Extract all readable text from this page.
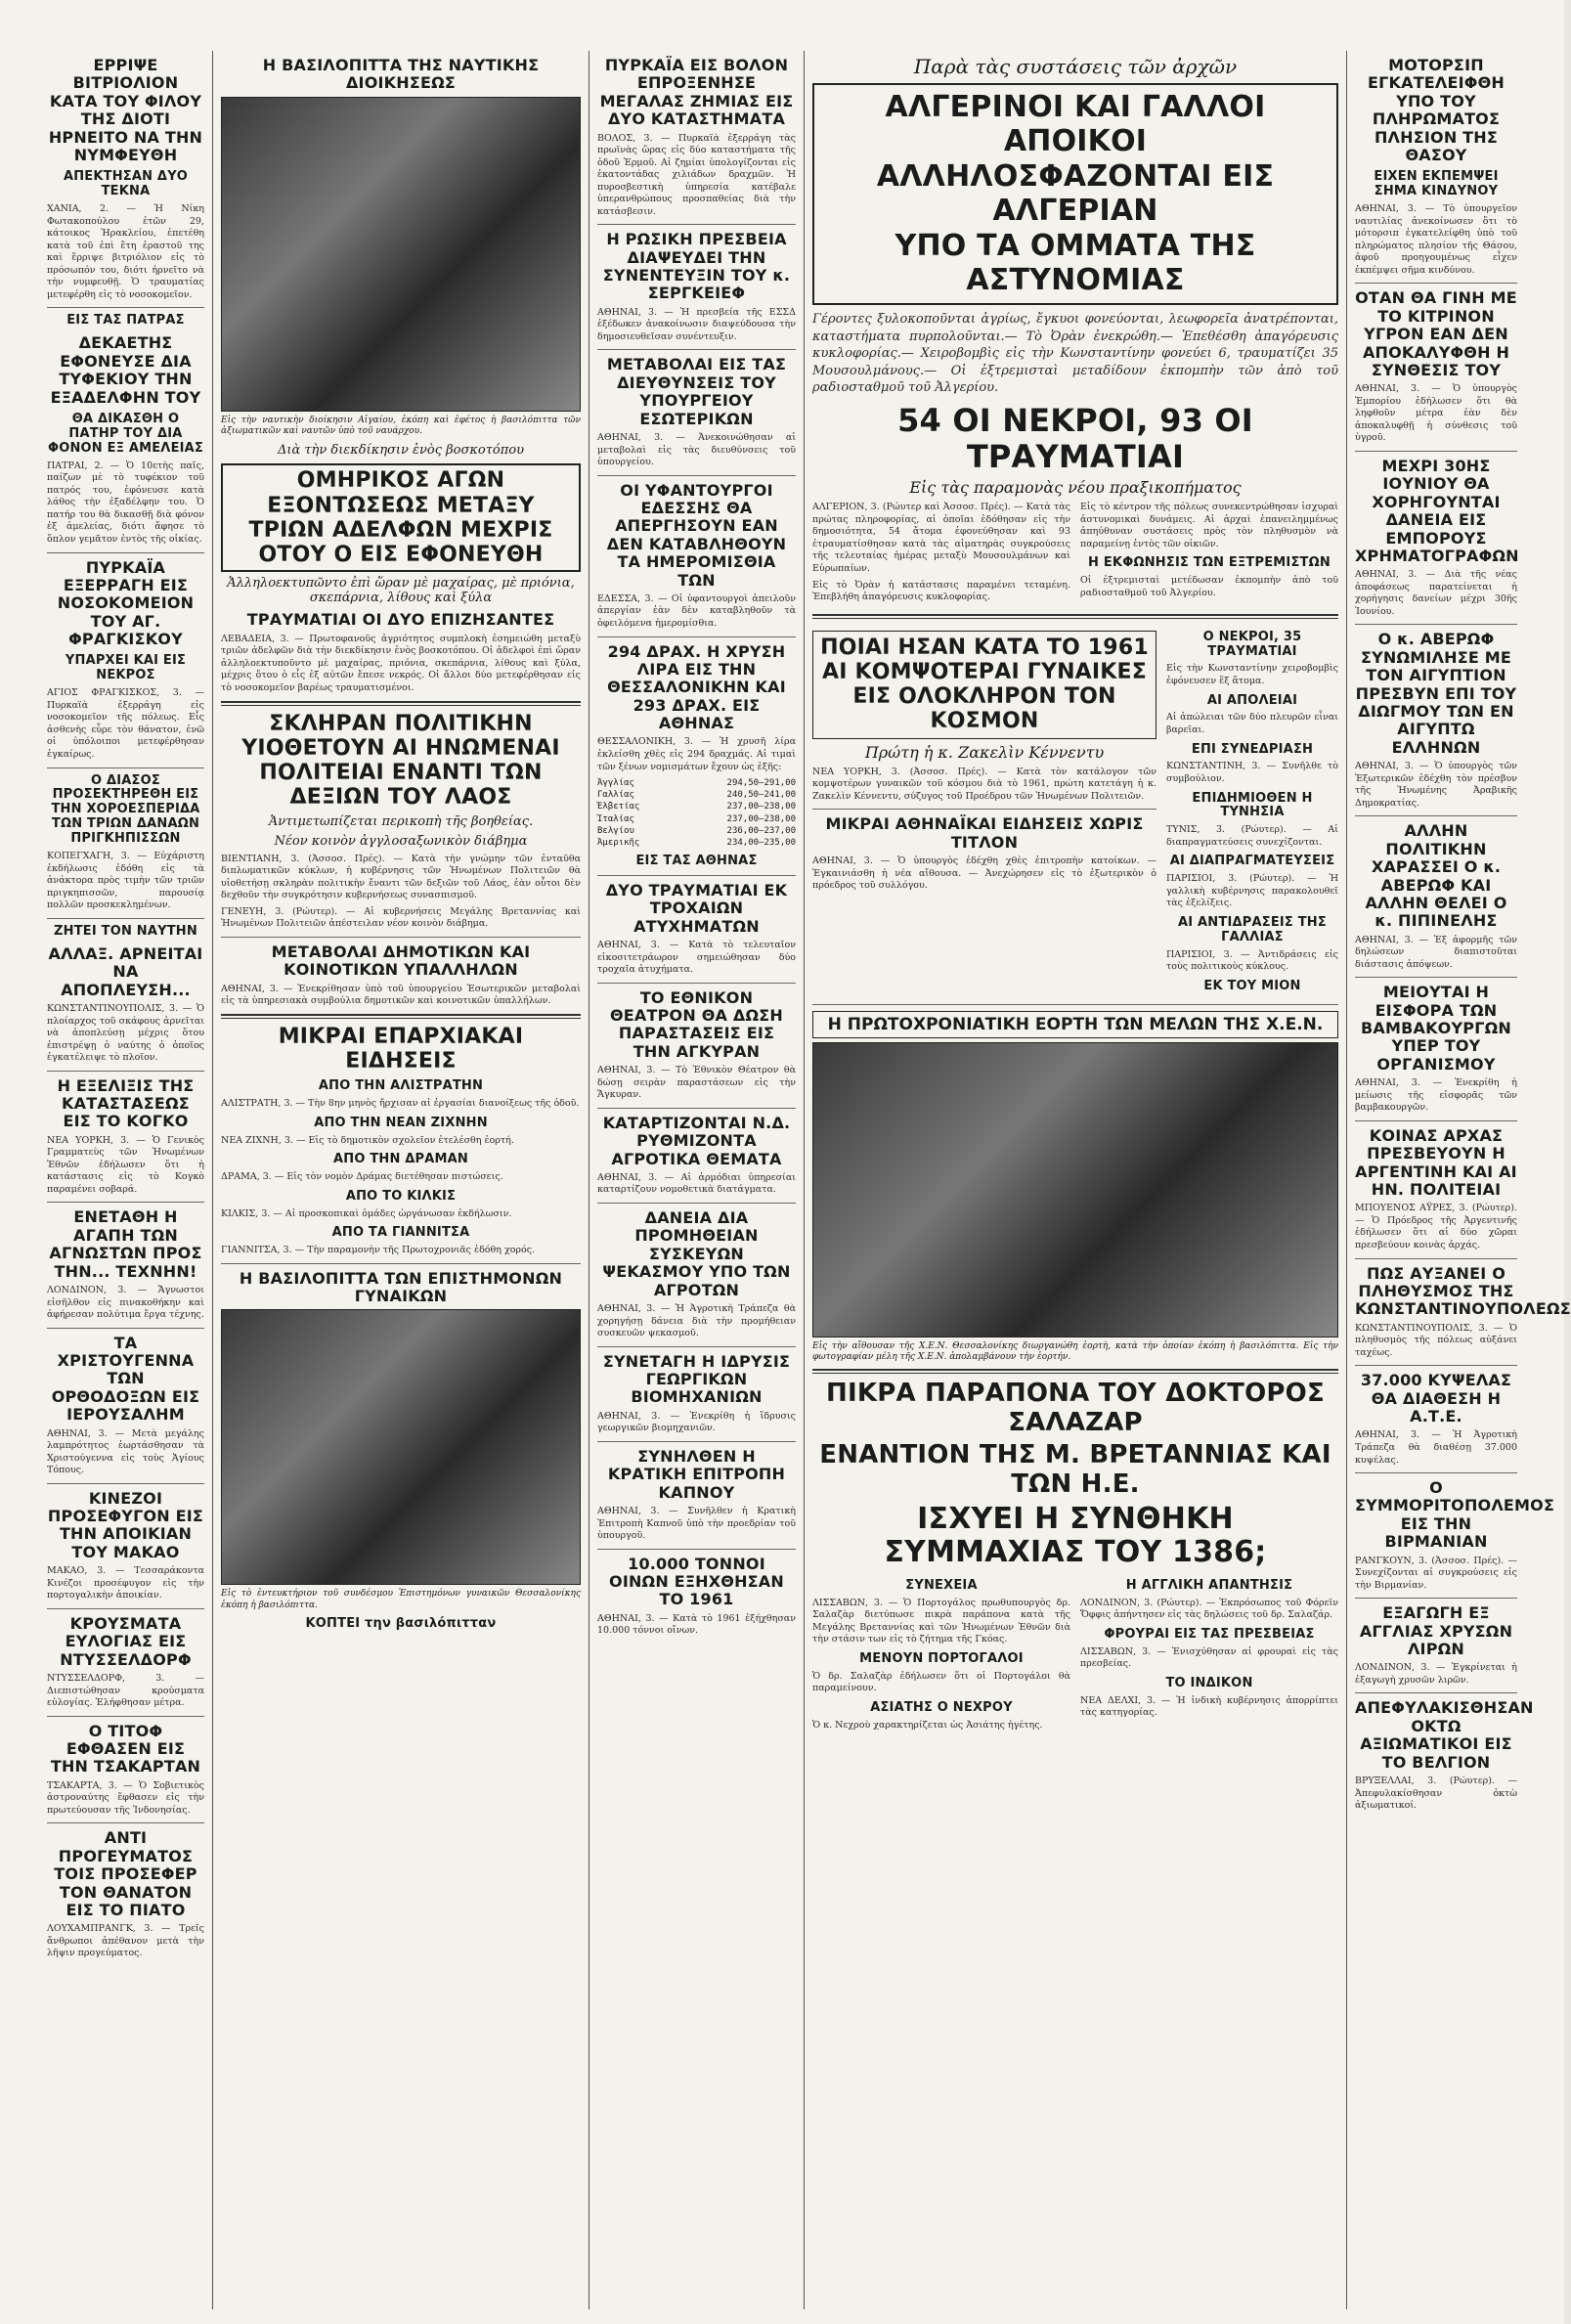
ΕΡΡΙΨΕ ΒΙΤΡΙΟΛΙΟΝ ΚΑΤΑ ΤΟΥ ΦΙΛΟΥ ΤΗΣ ΔΙΟΤΙ ΗΡΝΕΙΤΟ ΝΑ ΤΗΝ ΝΥΜΦΕΥΘΗ
ΑΠΕΚΤΗΣΑΝ ΔΥΟ ΤΕΚΝΑ

ΧΑΝΙΑ, 2. — Ἡ Νίκη Φωτακοπούλου ἐτῶν 29, κάτοικος Ἠρακλείου, ἐπετέθη κατὰ τοῦ ἐπὶ ἔτη ἐραστοῦ της καὶ ἔρριψε βιτριόλιον εἰς τὸ πρόσωπόν του, διότι ἠρνεῖτο νὰ τὴν νυμφευθῇ. Ὁ τραυματίας μετεφέρθη εἰς τὸ νοσοκομεῖον.

ΕΙΣ ΤΑΣ ΠΑΤΡΑΣ
ΔΕΚΑΕΤΗΣ ΕΦΟΝΕΥΣΕ ΔΙΑ ΤΥΦΕΚΙΟΥ ΤΗΝ ΕΞΑΔΕΛΦΗΝ ΤΟΥ
ΘΑ ΔΙΚΑΣΘΗ Ο ΠΑΤΗΡ ΤΟΥ ΔΙΑ ΦΟΝΟΝ ΕΞ ΑΜΕΛΕΙΑΣ

ΠΑΤΡΑΙ, 2. — Ὁ 10ετὴς παῖς, παίζων μὲ τὸ τυφέκιον τοῦ πατρός του, ἐφόνευσε κατὰ λάθος τὴν ἐξαδέλφην του. Ὁ πατήρ του θὰ δικασθῇ διὰ φόνον ἐξ ἀμελείας, διότι ἄφησε τὸ ὅπλον γεμᾶτον ἐντὸς τῆς οἰκίας.

ΠΥΡΚΑΪΑ ΕΞΕΡΡΑΓΗ ΕΙΣ ΝΟΣΟΚΟΜΕΙΟΝ ΤΟΥ ΑΓ. ΦΡΑΓΚΙΣΚΟΥ
ΥΠΑΡΧΕΙ ΚΑΙ ΕΙΣ ΝΕΚΡΟΣ

ΑΓΙΟΣ ΦΡΑΓΚΙΣΚΟΣ, 3. — Πυρκαϊὰ ἐξερράγη εἰς νοσοκομεῖον τῆς πόλεως. Εἷς ἀσθενὴς εὗρε τὸν θάνατον, ἐνῶ οἱ ὑπόλοιποι μετεφέρθησαν ἐγκαίρως.

Ο ΔΙΑΣΟΣ ΠΡΟΣΕΚΤΗΡΕΘΗ ΕΙΣ ΤΗΝ ΧΟΡΟΕΣΠΕΡΙΔΑ ΤΩΝ ΤΡΙΩΝ ΔΑΝΑΩΝ ΠΡΙΓΚΗΠΙΣΣΩΝ

ΚΟΠΕΓΧΑΓΗ, 3. — Εὐχάριστη ἐκδήλωσις ἐδόθη εἰς τὰ ἀνάκτορα πρὸς τιμὴν τῶν τριῶν πριγκηπισσῶν, παρουσίᾳ πολλῶν προσκεκλημένων.

ΖΗΤΕΙ ΤΟΝ ΝΑΥΤΗΝ
ΑΛΛΑΞ. ΑΡΝΕΙΤΑΙ ΝΑ ΑΠΟΠΛΕΥΣΗ...

ΚΩΝΣΤΑΝΤΙΝΟΥΠΟΛΙΣ, 3. — Ὁ πλοίαρχος τοῦ σκάφους ἀρνεῖται νὰ ἀποπλεύσῃ μέχρις ὅτου ἐπιστρέψῃ ὁ ναύτης ὁ ὁποῖος ἐγκατέλειψε τὸ πλοῖον.

Η ΕΞΕΛΙΞΙΣ ΤΗΣ ΚΑΤΑΣΤΑΣΕΩΣ ΕΙΣ ΤΟ ΚΟΓΚΟ

ΝΕΑ ΥΟΡΚΗ, 3. — Ὁ Γενικὸς Γραμματεὺς τῶν Ἡνωμένων Ἐθνῶν ἐδήλωσεν ὅτι ἡ κατάστασις εἰς τὸ Κογκὸ παραμένει σοβαρά.

ΕΝΕΤΑΘΗ Η ΑΓΑΠΗ ΤΩΝ ΑΓΝΩΣΤΩΝ ΠΡΟΣ ΤΗΝ... ΤΕΧΝΗΝ!

ΛΟΝΔΙΝΟΝ, 3. — Ἄγνωστοι εἰσῆλθον εἰς πινακοθήκην καὶ ἀφήρεσαν πολύτιμα ἔργα τέχνης.

ΤΑ ΧΡΙΣΤΟΥΓΕΝΝΑ ΤΩΝ ΟΡΘΟΔΟΞΩΝ ΕΙΣ ΙΕΡΟΥΣΑΛΗΜ

ΑΘΗΝΑΙ, 3. — Μετὰ μεγάλης λαμπρότητος ἑωρτάσθησαν τὰ Χριστούγεννα εἰς τοὺς Ἁγίους Τόπους.

ΚΙΝΕΖΟΙ ΠΡΟΣΕΦΥΓΟΝ ΕΙΣ ΤΗΝ ΑΠΟΙΚΙΑΝ ΤΟΥ ΜΑΚΑΟ

ΜΑΚΑΟ, 3. — Τεσσαράκοντα Κινέζοι προσέφυγον εἰς τὴν πορτογαλικὴν ἀποικίαν.

ΚΡΟΥΣΜΑΤΑ ΕΥΛΟΓΙΑΣ ΕΙΣ ΝΤΥΣΣΕΛΔΟΡΦ

ΝΤΥΣΣΕΛΔΟΡΦ, 3. — Διεπιστώθησαν κρούσματα εὐλογίας. Ἐλήφθησαν μέτρα.

Ο ΤΙΤΟΦ ΕΦΘΑΣΕΝ ΕΙΣ ΤΗΝ ΤΣΑΚΑΡΤΑΝ

ΤΣΑΚΑΡΤΑ, 3. — Ὁ Σοβιετικὸς ἀστροναύτης ἔφθασεν εἰς τὴν πρωτεύουσαν τῆς Ἰνδονησίας.

ΑΝΤΙ ΠΡΟΓΕΥΜΑΤΟΣ ΤΟΙΣ ΠΡΟΣΕΦΕΡ ΤΟΝ ΘΑΝΑΤΟΝ ΕΙΣ ΤΟ ΠΙΑΤΟ

ΛΟΥΧΑΜΠΡΑΝΓΚ, 3. — Τρεῖς ἄνθρωποι ἀπέθανον μετὰ τὴν λῆψιν προγεύματος.

Η ΒΑΣΙΛΟΠΙΤΤΑ ΤΗΣ ΝΑΥΤΙΚΗΣ ΔΙΟΙΚΗΣΕΩΣ
Εἰς τὴν ναυτικὴν διοίκησιν Αἰγαίου, ἐκόπη καὶ ἐφέτος ἡ βασιλόπιττα τῶν ἀξιωματικῶν καὶ ναυτῶν ὑπὸ τοῦ ναυάρχου.
Διὰ τὴν διεκδίκησιν ἑνὸς βοσκοτόπου
ΟΜΗΡΙΚΟΣ ΑΓΩΝ ΕΞΟΝΤΩΣΕΩΣ ΜΕΤΑΞΥ ΤΡΙΩΝ ΑΔΕΛΦΩΝ ΜΕΧΡΙΣ ΟΤΟΥ Ο ΕΙΣ ΕΦΟΝΕΥΘΗ
Ἀλληλοεκτυπῶντο ἐπὶ ὥραν μὲ μαχαίρας, μὲ πριόνια, σκεπάρνια, λίθους καὶ ξύλα
ΤΡΑΥΜΑΤΙΑΙ ΟΙ ΔΥΟ ΕΠΙΖΗΣΑΝΤΕΣ

ΛΕΒΑΔΕΙΑ, 3. — Πρωτοφανοῦς ἀγριότητος συμπλοκὴ ἐσημειώθη μεταξὺ τριῶν ἀδελφῶν διὰ τὴν διεκδίκησιν ἑνὸς βοσκοτόπου. Οἱ ἀδελφοὶ ἐπὶ ὥραν ἀλληλοεκτυποῦντο μὲ μαχαίρας, πριόνια, σκεπάρνια, λίθους καὶ ξύλα, μέχρις ὅτου ὁ εἷς ἐξ αὐτῶν ἔπεσε νεκρός. Οἱ ἄλλοι δύο μετεφέρθησαν εἰς τὸ νοσοκομεῖον βαρέως τραυματισμένοι.

ΣΚΛΗΡΑΝ ΠΟΛΙΤΙΚΗΝ ΥΙΟΘΕΤΟΥΝ ΑΙ ΗΝΩΜΕΝΑΙ ΠΟΛΙΤΕΙΑΙ ΕΝΑΝΤΙ ΤΩΝ ΔΕΞΙΩΝ ΤΟΥ ΛΑΟΣ
Ἀντιμετωπίζεται περικοπὴ τῆς βοηθείας.
Νέον κοινὸν ἀγγλοσαξωνικὸν διάβημα

ΒΙΕΝΤΙΑΝΗ, 3. (Ἀσσοσ. Πρές). — Κατὰ τὴν γνώμην τῶν ἐνταῦθα διπλωματικῶν κύκλων, ἡ κυβέρνησις τῶν Ἡνωμένων Πολιτειῶν θὰ υἱοθετήσῃ σκληρὰν πολιτικὴν ἔναντι τῶν δεξιῶν τοῦ Λάος, ἐὰν οὗτοι δὲν δεχθοῦν τὴν συγκρότησιν κυβερνήσεως συνασπισμοῦ.

ΓΕΝΕΥΗ, 3. (Ρώυτερ). — Αἱ κυβερνήσεις Μεγάλης Βρεταννίας καὶ Ἡνωμένων Πολιτειῶν ἀπέστειλαν νέον κοινὸν διάβημα.

ΜΕΤΑΒΟΛΑΙ ΔΗΜΟΤΙΚΩΝ ΚΑΙ ΚΟΙΝΟΤΙΚΩΝ ΥΠΑΛΛΗΛΩΝ

ΑΘΗΝΑΙ, 3. — Ἐνεκρίθησαν ὑπὸ τοῦ ὑπουργείου Ἐσωτερικῶν μεταβολαὶ εἰς τὰ ὑπηρεσιακὰ συμβούλια δημοτικῶν καὶ κοινοτικῶν ὑπαλλήλων.

ΜΙΚΡΑΙ ΕΠΑΡΧΙΑΚΑΙ ΕΙΔΗΣΕΙΣ
ΑΠΟ ΤΗΝ ΑΛΙΣΤΡΑΤΗΝ

ΑΛΙΣΤΡΑΤΗ, 3. — Τὴν 8ην μηνὸς ἤρχισαν αἱ ἐργασίαι διανοίξεως τῆς ὁδοῦ.

ΑΠΟ ΤΗΝ ΝΕΑΝ ΖΙΧΝΗΝ

ΝΕΑ ΖΙΧΝΗ, 3. — Εἰς τὸ δημοτικὸν σχολεῖον ἐτελέσθη ἑορτή.

ΑΠΟ ΤΗΝ ΔΡΑΜΑΝ

ΔΡΑΜΑ, 3. — Εἰς τὸν νομὸν Δράμας διετέθησαν πιστώσεις.

ΑΠΟ ΤΟ ΚΙΛΚΙΣ

ΚΙΛΚΙΣ, 3. — Αἱ προσκοπικαὶ ὁμάδες ὠργάνωσαν ἐκδήλωσιν.

ΑΠΟ ΤΑ ΓΙΑΝΝΙΤΣΑ

ΓΙΑΝΝΙΤΣΑ, 3. — Τὴν παραμονὴν τῆς Πρωτοχρονιᾶς ἐδόθη χορός.

Η ΒΑΣΙΛΟΠΙΤΤΑ ΤΩΝ ΕΠΙΣΤΗΜΟΝΩΝ ΓΥΝΑΙΚΩΝ
Εἰς τὸ ἐντευκτήριον τοῦ συνδέσμου Ἐπιστημόνων γυναικῶν Θεσσαλονίκης ἐκόπη ἡ βασιλόπιττα.
ΚΟΠΤΕΙ την βασιλόπιτταν
ΠΥΡΚΑΪΑ ΕΙΣ ΒΟΛΟΝ ΕΠΡΟΞΕΝΗΣΕ ΜΕΓΑΛΑΣ ΖΗΜΙΑΣ ΕΙΣ ΔΥΟ ΚΑΤΑΣΤΗΜΑΤΑ

ΒΟΛΟΣ, 3. — Πυρκαϊὰ ἐξερράγη τὰς πρωϊνὰς ὥρας εἰς δύο καταστήματα τῆς ὁδοῦ Ἑρμοῦ. Αἱ ζημίαι ὑπολογίζονται εἰς ἑκατοντάδας χιλιάδων δραχμῶν. Ἡ πυροσβεστικὴ ὑπηρεσία κατέβαλε ὑπερανθρώπους προσπαθείας διὰ τὴν κατάσβεσιν.

Η ΡΩΣΙΚΗ ΠΡΕΣΒΕΙΑ ΔΙΑΨΕΥΔΕΙ ΤΗΝ ΣΥΝΕΝΤΕΥΞΙΝ ΤΟΥ κ. ΣΕΡΓΚΕΙΕΦ

ΑΘΗΝΑΙ, 3. — Ἡ πρεσβεία τῆς ΕΣΣΔ ἐξέδωκεν ἀνακοίνωσιν διαψεύδουσα τὴν δημοσιευθεῖσαν συνέντευξιν.

ΜΕΤΑΒΟΛΑΙ ΕΙΣ ΤΑΣ ΔΙΕΥΘΥΝΣΕΙΣ ΤΟΥ ΥΠΟΥΡΓΕΙΟΥ ΕΣΩΤΕΡΙΚΩΝ

ΑΘΗΝΑΙ, 3. — Ἀνεκοινώθησαν αἱ μεταβολαὶ εἰς τὰς διευθύνσεις τοῦ ὑπουργείου.

ΟΙ ΥΦΑΝΤΟΥΡΓΟΙ ΕΔΕΣΣΗΣ ΘΑ ΑΠΕΡΓΗΣΟΥΝ ΕΑΝ ΔΕΝ ΚΑΤΑΒΛΗΘΟΥΝ ΤΑ ΗΜΕΡΟΜΙΣΘΙΑ ΤΩΝ

ΕΔΕΣΣΑ, 3. — Οἱ ὑφαντουργοὶ ἀπειλοῦν ἀπεργίαν ἐὰν δὲν καταβληθοῦν τὰ ὀφειλόμενα ἡμερομίσθια.

294 ΔΡΑΧ. Η ΧΡΥΣΗ ΛΙΡΑ ΕΙΣ ΤΗΝ ΘΕΣΣΑΛΟΝΙΚΗΝ ΚΑΙ 293 ΔΡΑΧ. ΕΙΣ ΑΘΗΝΑΣ

ΘΕΣΣΑΛΟΝΙΚΗ, 3. — Ἡ χρυσῆ λίρα ἐκλείσθη χθὲς εἰς 294 δραχμάς. Αἱ τιμαὶ τῶν ξένων νομισμάτων ἔχουν ὡς ἑξῆς:

Ἀγγλίας	294,50—291,00
Γαλλίας	240,50—241,00
Ἑλβετίας	237,00—238,00
Ἰταλίας	237,00—238,00
Βελγίου	236,00—237,00
Ἀμερικῆς	234,00—235,00
ΕΙΣ ΤΑΣ ΑΘΗΝΑΣ
ΔΥΟ ΤΡΑΥΜΑΤΙΑΙ ΕΚ ΤΡΟΧΑΙΩΝ ΑΤΥΧΗΜΑΤΩΝ

ΑΘΗΝΑΙ, 3. — Κατὰ τὸ τελευταῖον εἰκοσιτετράωρον σημειώθησαν δύο τροχαῖα ἀτυχήματα.

ΤΟ ΕΘΝΙΚΟΝ ΘΕΑΤΡΟΝ ΘΑ ΔΩΣΗ ΠΑΡΑΣΤΑΣΕΙΣ ΕΙΣ ΤΗΝ ΑΓΚΥΡΑΝ

ΑΘΗΝΑΙ, 3. — Τὸ Ἐθνικὸν Θέατρον θὰ δώσῃ σειρὰν παραστάσεων εἰς τὴν Ἄγκυραν.

ΚΑΤΑΡΤΙΖΟΝΤΑΙ Ν.Δ. ΡΥΘΜΙΖΟΝΤΑ ΑΓΡΟΤΙΚΑ ΘΕΜΑΤΑ

ΑΘΗΝΑΙ, 3. — Αἱ ἁρμόδιαι ὑπηρεσίαι καταρτίζουν νομοθετικὰ διατάγματα.

ΔΑΝΕΙΑ ΔΙΑ ΠΡΟΜΗΘΕΙΑΝ ΣΥΣΚΕΥΩΝ ΨΕΚΑΣΜΟΥ ΥΠΟ ΤΩΝ ΑΓΡΟΤΩΝ

ΑΘΗΝΑΙ, 3. — Ἡ Ἀγροτικὴ Τράπεζα θὰ χορηγήσῃ δάνεια διὰ τὴν προμήθειαν συσκευῶν ψεκασμοῦ.

ΣΥΝΕΤΑΓΗ Η ΙΔΡΥΣΙΣ ΓΕΩΡΓΙΚΩΝ ΒΙΟΜΗΧΑΝΙΩΝ

ΑΘΗΝΑΙ, 3. — Ἐνεκρίθη ἡ ἵδρυσις γεωργικῶν βιομηχανιῶν.

ΣΥΝΗΛΘΕΝ Η ΚΡΑΤΙΚΗ ΕΠΙΤΡΟΠΗ ΚΑΠΝΟΥ

ΑΘΗΝΑΙ, 3. — Συνῆλθεν ἡ Κρατικὴ Ἐπιτροπὴ Καπνοῦ ὑπὸ τὴν προεδρίαν τοῦ ὑπουργοῦ.

10.000 ΤΟΝΝΟΙ ΟΙΝΩΝ ΕΞΗΧΘΗΣΑΝ ΤΟ 1961

ΑΘΗΝΑΙ, 3. — Κατὰ τὸ 1961 ἐξήχθησαν 10.000 τόννοι οἴνων.

Παρὰ τὰς συστάσεις τῶν ἀρχῶν
ΑΛΓΕΡΙΝΟΙ ΚΑΙ ΓΑΛΛΟΙ ΑΠΟΙΚΟΙ
ΑΛΛΗΛΟΣΦΑΖΟΝΤΑΙ ΕΙΣ ΑΛΓΕΡΙΑΝ
ΥΠΟ ΤΑ ΟΜΜΑΤΑ ΤΗΣ ΑΣΤΥΝΟΜΙΑΣ

Γέροντες ξυλοκοποῦνται ἀγρίως, ἔγκυοι φονεύονται, λεωφορεῖα ἀνατρέπονται, καταστήματα πυρπολοῦνται.— Τὸ Ὀρὰν ἐνεκρώθη.— Ἐπεθέσθη ἀπαγόρευσις κυκλοφορίας.— Χειροβομβὶς εἰς τὴν Κωνσταντίνην φονεύει 6, τραυματίζει 35 Μουσουλμάνους.— Οἱ ἐξτρεμισταὶ μεταδίδουν ἐκπομπὴν τῶν ἀπὸ τοῦ ραδιοσταθμοῦ τοῦ Ἀλγερίου.

54 ΟΙ ΝΕΚΡΟΙ, 93 ΟΙ ΤΡΑΥΜΑΤΙΑΙ
Εἰς τὰς παραμονὰς νέου πραξικοπήματος

ΑΛΓΕΡΙΟΝ, 3. (Ρώυτερ καὶ Ἀσσοσ. Πρές). — Κατὰ τὰς πρώτας πληροφορίας, αἱ ὁποῖαι ἐδόθησαν εἰς τὴν δημοσιότητα, 54 ἄτομα ἐφονεύθησαν καὶ 93 ἐτραυματίσθησαν κατὰ τὰς αἱματηρὰς συγκρούσεις τῆς τελευταίας ἡμέρας μεταξὺ Μουσουλμάνων καὶ Εὐρωπαίων.

Εἰς τὸ Ὀρὰν ἡ κατάστασις παραμένει τεταμένη. Ἐπεβλήθη ἀπαγόρευσις κυκλοφορίας.

Εἰς τὸ κέντρον τῆς πόλεως συνεκεντρώθησαν ἰσχυραὶ ἀστυνομικαὶ δυνάμεις. Αἱ ἀρχαὶ ἐπανειλημμένως ἀπηύθυναν συστάσεις πρὸς τὸν πληθυσμὸν νὰ παραμείνῃ ἐντὸς τῶν οἰκιῶν.

Η ΕΚΦΩΝΗΣΙΣ ΤΩΝ ΕΞΤΡΕΜΙΣΤΩΝ

Οἱ ἐξτρεμισταὶ μετέδωσαν ἐκπομπὴν ἀπὸ τοῦ ραδιοσταθμοῦ τοῦ Ἀλγερίου.

ΠΟΙΑΙ ΗΣΑΝ ΚΑΤΑ ΤΟ 1961 ΑΙ ΚΟΜΨΟΤΕΡΑΙ ΓΥΝΑΙΚΕΣ ΕΙΣ ΟΛΟΚΛΗΡΟΝ ΤΟΝ ΚΟΣΜΟΝ
Πρώτη ἡ κ. Ζακελὶν Κέννεντυ

ΝΕΑ ΥΟΡΚΗ, 3. (Ἀσσοσ. Πρές). — Κατὰ τὸν κατάλογον τῶν κομψοτέρων γυναικῶν τοῦ κόσμου διὰ τὸ 1961, πρώτη κατετάγη ἡ κ. Ζακελὶν Κέννεντυ, σύζυγος τοῦ Προέδρου τῶν Ἡνωμένων Πολιτειῶν.

ΜΙΚΡΑΙ ΑΘΗΝΑΪΚΑΙ ΕΙΔΗΣΕΙΣ ΧΩΡΙΣ ΤΙΤΛΟΝ

ΑΘΗΝΑΙ, 3. — Ὁ ὑπουργὸς ἐδέχθη χθὲς ἐπιτροπὴν κατοίκων. — Ἐγκαινιάσθη ἡ νέα αἴθουσα. — Ἀνεχώρησεν εἰς τὸ ἐξωτερικὸν ὁ πρόεδρος τοῦ συλλόγου.

Ο ΝΕΚΡΟΙ, 35 ΤΡΑΥΜΑΤΙΑΙ

Εἰς τὴν Κωνσταντίνην χειροβομβὶς ἐφόνευσεν ἕξ ἄτομα.

ΑΙ ΑΠΟΛΕΙΑΙ

Αἱ ἀπώλειαι τῶν δύο πλευρῶν εἶναι βαρεῖαι.

ΕΠΙ ΣΥΝΕΔΡΙΑΣΗ

ΚΩΝΣΤΑΝΤΙΝΗ, 3. — Συνῆλθε τὸ συμβούλιον.

ΕΠΙΔΗΜΙΟΘΕΝ Η ΤΥΝΗΣΙΑ

ΤΥΝΙΣ, 3. (Ρώυτερ). — Αἱ διαπραγματεύσεις συνεχίζονται.

ΑΙ ΔΙΑΠΡΑΓΜΑΤΕΥΣΕΙΣ

ΠΑΡΙΣΙΟΙ, 3. (Ρώυτερ). — Ἡ γαλλικὴ κυβέρνησις παρακολουθεῖ τὰς ἐξελίξεις.

ΑΙ ΑΝΤΙΔΡΑΣΕΙΣ ΤΗΣ ΓΑΛΛΙΑΣ

ΠΑΡΙΣΙΟΙ, 3. — Ἀντιδράσεις εἰς τοὺς πολιτικοὺς κύκλους.

ΕΚ ΤΟΥ ΜΙΟΝ
Η ΠΡΩΤΟΧΡΟΝΙΑΤΙΚΗ ΕΟΡΤΗ ΤΩΝ ΜΕΛΩΝ ΤΗΣ Χ.Ε.Ν.
Εἰς τὴν αἴθουσαν τῆς Χ.Ε.Ν. Θεσσαλονίκης διωργανώθη ἑορτὴ, κατὰ τὴν ὁποίαν ἐκόπη ἡ βασιλόπιττα. Εἰς τὴν φωτογραφίαν μέλη τῆς Χ.Ε.Ν. ἀπολαμβάνουν τὴν ἑορτήν.
ΠΙΚΡΑ ΠΑΡΑΠΟΝΑ ΤΟΥ ΔΟΚΤΟΡΟΣ ΣΑΛΑΖΑΡ
ΕΝΑΝΤΙΟΝ ΤΗΣ Μ. ΒΡΕΤΑΝΝΙΑΣ ΚΑΙ ΤΩΝ Η.Ε.
ΙΣΧΥΕΙ Η ΣΥΝΘΗΚΗ ΣΥΜΜΑΧΙΑΣ ΤΟΥ 1386;
ΣΥΝΕΧΕΙΑ

ΛΙΣΣΑΒΩΝ, 3. — Ὁ Πορτογάλος πρωθυπουργὸς δρ. Σαλαζὰρ διετύπωσε πικρὰ παράπονα κατὰ τῆς Μεγάλης Βρεταννίας καὶ τῶν Ἡνωμένων Ἐθνῶν διὰ τὴν στάσιν των εἰς τὸ ζήτημα τῆς Γκόας.

ΜΕΝΟΥΝ ΠΟΡΤΟΓΑΛΟΙ

Ὁ δρ. Σαλαζὰρ ἐδήλωσεν ὅτι οἱ Πορτογάλοι θὰ παραμείνουν.

ΑΣΙΑΤΗΣ Ο ΝΕΧΡΟΥ

Ὁ κ. Νεχροὺ χαρακτηρίζεται ὡς Ἀσιάτης ἡγέτης.

Η ΑΓΓΛΙΚΗ ΑΠΑΝΤΗΣΙΣ

ΛΟΝΔΙΝΟΝ, 3. (Ρώυτερ). — Ἐκπρόσωπος τοῦ Φόρεϊν Ὄφφις ἀπήντησεν εἰς τὰς δηλώσεις τοῦ δρ. Σαλαζάρ.

ΦΡΟΥΡΑΙ ΕΙΣ ΤΑΣ ΠΡΕΣΒΕΙΑΣ

ΛΙΣΣΑΒΩΝ, 3. — Ἐνισχύθησαν αἱ φρουραὶ εἰς τὰς πρεσβείας.

ΤΟ ΙΝΔΙΚΟΝ

ΝΕΑ ΔΕΛΧΙ, 3. — Ἡ ἰνδικὴ κυβέρνησις ἀπορρίπτει τὰς κατηγορίας.

ΜΟΤΟΡΣΙΠ ΕΓΚΑΤΕΛΕΙΦΘΗ ΥΠΟ ΤΟΥ ΠΛΗΡΩΜΑΤΟΣ ΠΛΗΣΙΟΝ ΤΗΣ ΘΑΣΟΥ
ΕΙΧΕΝ ΕΚΠΕΜΨΕΙ ΣΗΜΑ ΚΙΝΔΥΝΟΥ

ΑΘΗΝΑΙ, 3. — Τὸ ὑπουργεῖον ναυτιλίας ἀνεκοίνωσεν ὅτι τὸ μότορσιπ ἐγκατελείφθη ὑπὸ τοῦ πληρώματος πλησίον τῆς Θάσου, ἀφοῦ προηγουμένως εἶχεν ἐκπέμψει σῆμα κινδύνου.

ΟΤΑΝ ΘΑ ΓΙΝΗ ΜΕ ΤΟ ΚΙΤΡΙΝΟΝ ΥΓΡΟΝ ΕΑΝ ΔΕΝ ΑΠΟΚΑΛΥΦΘΗ Η ΣΥΝΘΕΣΙΣ ΤΟΥ

ΑΘΗΝΑΙ, 3. — Ὁ ὑπουργὸς Ἐμπορίου ἐδήλωσεν ὅτι θὰ ληφθοῦν μέτρα ἐὰν δὲν ἀποκαλυφθῇ ἡ σύνθεσις τοῦ ὑγροῦ.

ΜΕΧΡΙ 30ΗΣ ΙΟΥΝΙΟΥ ΘΑ ΧΟΡΗΓΟΥΝΤΑΙ ΔΑΝΕΙΑ ΕΙΣ ΕΜΠΟΡΟΥΣ ΧΡΗΜΑΤΟΓΡΑΦΩΝ

ΑΘΗΝΑΙ, 3. — Διὰ τῆς νέας ἀποφάσεως παρατείνεται ἡ χορήγησις δανείων μέχρι 30ῆς Ἰουνίου.

Ο κ. ΑΒΕΡΩΦ ΣΥΝΩΜΙΛΗΣΕ ΜΕ ΤΟΝ ΑΙΓΥΠΤΙΟΝ ΠΡΕΣΒΥΝ ΕΠΙ ΤΟΥ ΔΙΩΓΜΟΥ ΤΩΝ ΕΝ ΑΙΓΥΠΤΩ ΕΛΛΗΝΩΝ

ΑΘΗΝΑΙ, 3. — Ὁ ὑπουργὸς τῶν Ἐξωτερικῶν ἐδέχθη τὸν πρέσβυν τῆς Ἡνωμένης Ἀραβικῆς Δημοκρατίας.

ΑΛΛΗΝ ΠΟΛΙΤΙΚΗΝ ΧΑΡΑΣΣΕΙ Ο κ. ΑΒΕΡΩΦ ΚΑΙ ΑΛΛΗΝ ΘΕΛΕΙ Ο κ. ΠΙΠΙΝΕΛΗΣ

ΑΘΗΝΑΙ, 3. — Ἐξ ἀφορμῆς τῶν δηλώσεων διαπιστοῦται διάστασις ἀπόψεων.

ΜΕΙΟΥΤΑΙ Η ΕΙΣΦΟΡΑ ΤΩΝ ΒΑΜΒΑΚΟΥΡΓΩΝ ΥΠΕΡ ΤΟΥ ΟΡΓΑΝΙΣΜΟΥ

ΑΘΗΝΑΙ, 3. — Ἐνεκρίθη ἡ μείωσις τῆς εἰσφορᾶς τῶν βαμβακουργῶν.

ΚΟΙΝΑΣ ΑΡΧΑΣ ΠΡΕΣΒΕΥΟΥΝ Η ΑΡΓΕΝΤΙΝΗ ΚΑΙ ΑΙ ΗΝ. ΠΟΛΙΤΕΙΑΙ

ΜΠΟΥΕΝΟΣ ΑΫΡΕΣ, 3. (Ρώυτερ). — Ὁ Πρόεδρος τῆς Ἀργεντινῆς ἐδήλωσεν ὅτι αἱ δύο χῶραι πρεσβεύουν κοινὰς ἀρχάς.

ΠΩΣ ΑΥΞΑΝΕΙ Ο ΠΛΗΘΥΣΜΟΣ ΤΗΣ ΚΩΝΣΤΑΝΤΙΝΟΥΠΟΛΕΩΣ

ΚΩΝΣΤΑΝΤΙΝΟΥΠΟΛΙΣ, 3. — Ὁ πληθυσμὸς τῆς πόλεως αὐξάνει ταχέως.

37.000 ΚΥΨΕΛΑΣ ΘΑ ΔΙΑΘΕΣΗ Η Α.Τ.Ε.

ΑΘΗΝΑΙ, 3. — Ἡ Ἀγροτικὴ Τράπεζα θὰ διαθέσῃ 37.000 κυψέλας.

Ο ΣΥΜΜΟΡΙΤΟΠΟΛΕΜΟΣ ΕΙΣ ΤΗΝ ΒΙΡΜΑΝΙΑΝ

ΡΑΝΓΚΟΥΝ, 3. (Ἀσσοσ. Πρές). — Συνεχίζονται αἱ συγκρούσεις εἰς τὴν Βιρμανίαν.

ΕΞΑΓΩΓΗ ΕΞ ΑΓΓΛΙΑΣ ΧΡΥΣΩΝ ΛΙΡΩΝ

ΛΟΝΔΙΝΟΝ, 3. — Ἐγκρίνεται ἡ ἐξαγωγὴ χρυσῶν λιρῶν.

ΑΠΕΦΥΛΑΚΙΣΘΗΣΑΝ ΟΚΤΩ ΑΞΙΩΜΑΤΙΚΟΙ ΕΙΣ ΤΟ ΒΕΛΓΙΟΝ

ΒΡΥΞΕΛΛΑΙ, 3. (Ρώυτερ). — Ἀπεφυλακίσθησαν ὀκτὼ ἀξιωματικοί.
